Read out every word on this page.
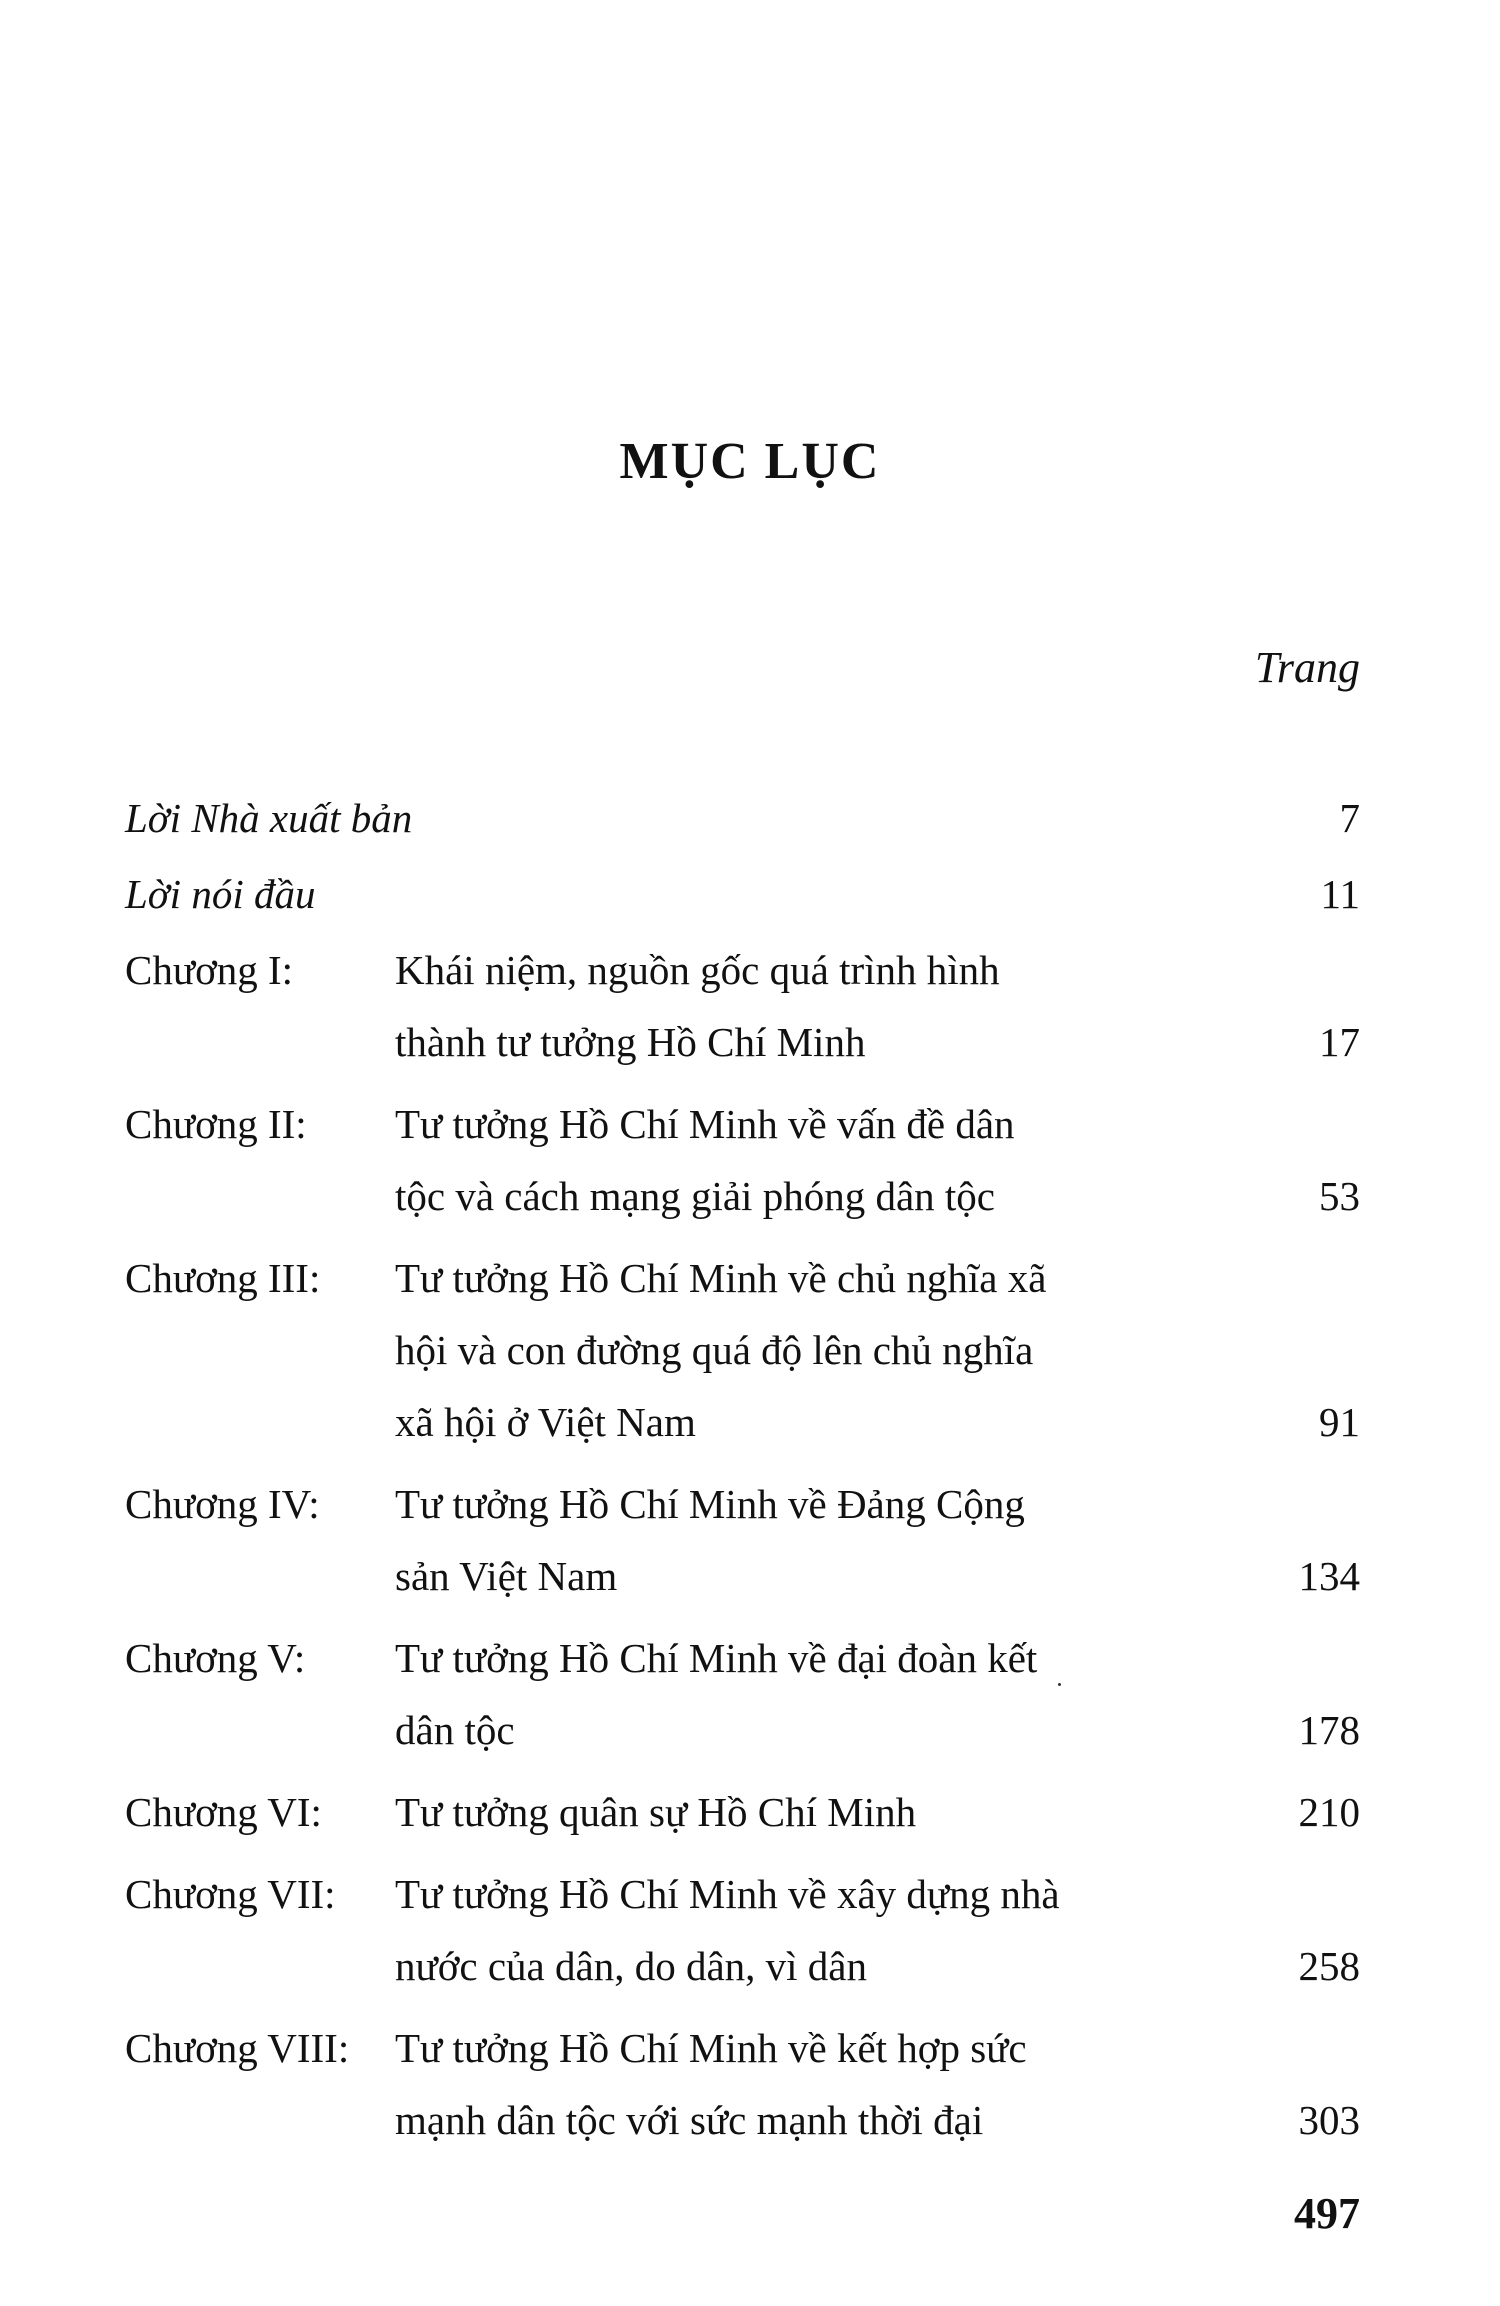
MỤC LỤC
Trang
Lời Nhà xuất bản	7
Lời nói đầu	11
Chương I: Khái niệm, nguồn gốc quá trình hình
thành tư tưởng Hồ Chí Minh	17
Chương II: Tư tưởng Hồ Chí Minh về vấn đề dân
tộc và cách mạng giải phóng dân tộc	53
Chương III: Tư tưởng Hồ Chí Minh về chủ nghĩa xã
hội và con đường quá độ lên chủ nghĩa
xã hội ở Việt Nam	91
Chương IV: Tư tưởng Hồ Chí Minh về Đảng Cộng
sản Việt Nam	134
Chương V: Tư tưởng Hồ Chí Minh về đại đoàn kết
dân tộc	178
Chương VI: Tư tưởng quân sự Hồ Chí Minh	210
Chương VII: Tư tưởng Hồ Chí Minh về xây dựng nhà
nước của dân, do dân, vì dân	258
Chương VIII: Tư tưởng Hồ Chí Minh về kết hợp sức
mạnh dân tộc với sức mạnh thời đại	303
497
